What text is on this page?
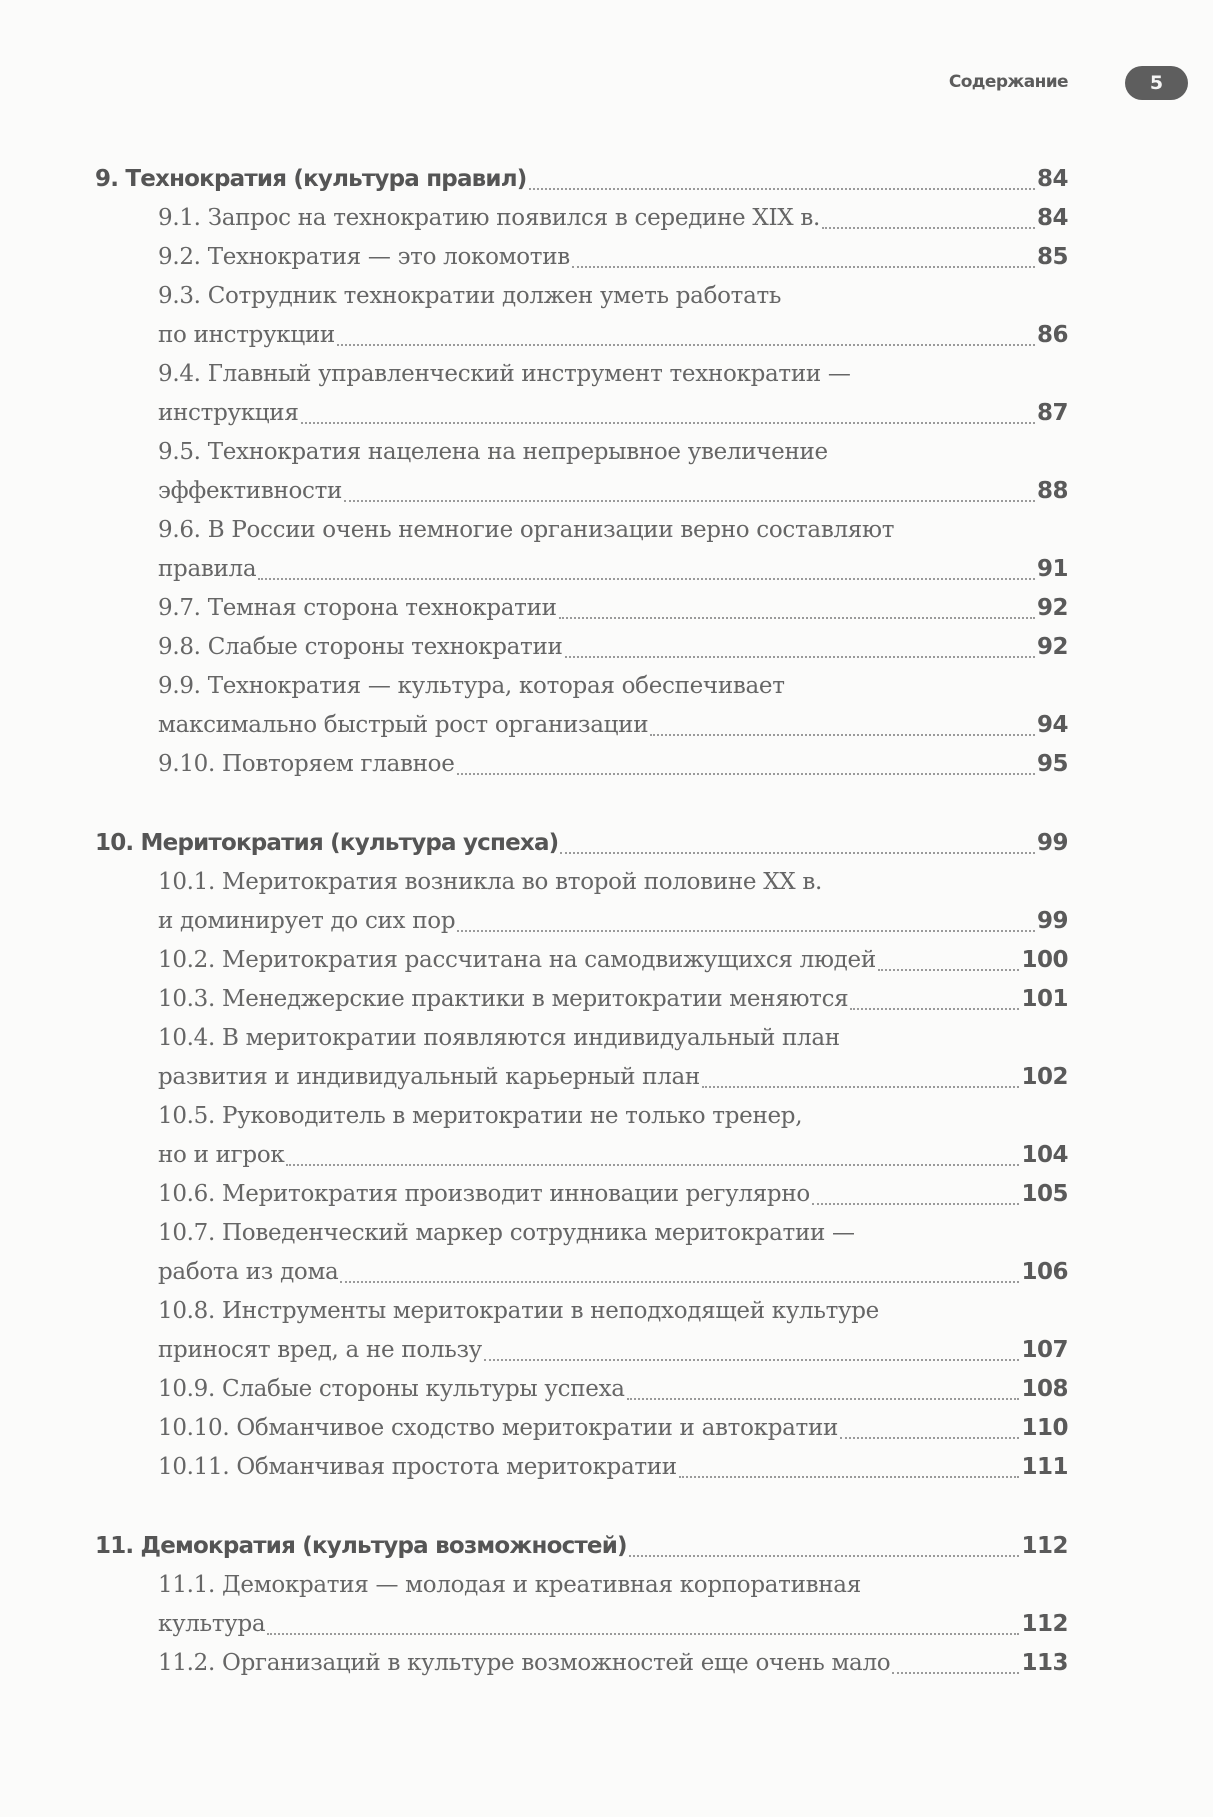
Содержание	5
9. Технократия (культура правил)	84
9.1. Запрос на технократию появился в середине XIX в.	84
9.2. Технократия — это локомотив	85
9.3. Сотрудник технократии должен уметь работать
по инструкции	86
9.4. Главный управленческий инструмент технократии —
инструкция	87
9.5. Технократия нацелена на непрерывное увеличение
эффективности	88
9.6. В России очень немногие организации верно составляют
правила	91
9.7. Темная сторона технократии	92
9.8. Слабые стороны технократии	92
9.9. Технократия — культура, которая обеспечивает
максимально быстрый рост организации	94
9.10. Повторяем главное	95
10. Меритократия (культура успеха)	99
10.1. Меритократия возникла во второй половине XX в.
и доминирует до сих пор	99
10.2. Меритократия рассчитана на самодвижущихся людей	100
10.3. Менеджерские практики в меритократии меняются	101
10.4. В меритократии появляются индивидуальный план
развития и индивидуальный карьерный план	102
10.5. Руководитель в меритократии не только тренер,
но и игрок	104
10.6. Меритократия производит инновации регулярно	105
10.7. Поведенческий маркер сотрудника меритократии —
работа из дома	106
10.8. Инструменты меритократии в неподходящей культуре
приносят вред, а не пользу	107
10.9. Слабые стороны культуры успеха	108
10.10. Обманчивое сходство меритократии и автократии	110
10.11. Обманчивая простота меритократии	111
11. Демократия (культура возможностей)	112
11.1. Демократия — молодая и креативная корпоративная
культура	112
11.2. Организаций в культуре возможностей еще очень мало	113
